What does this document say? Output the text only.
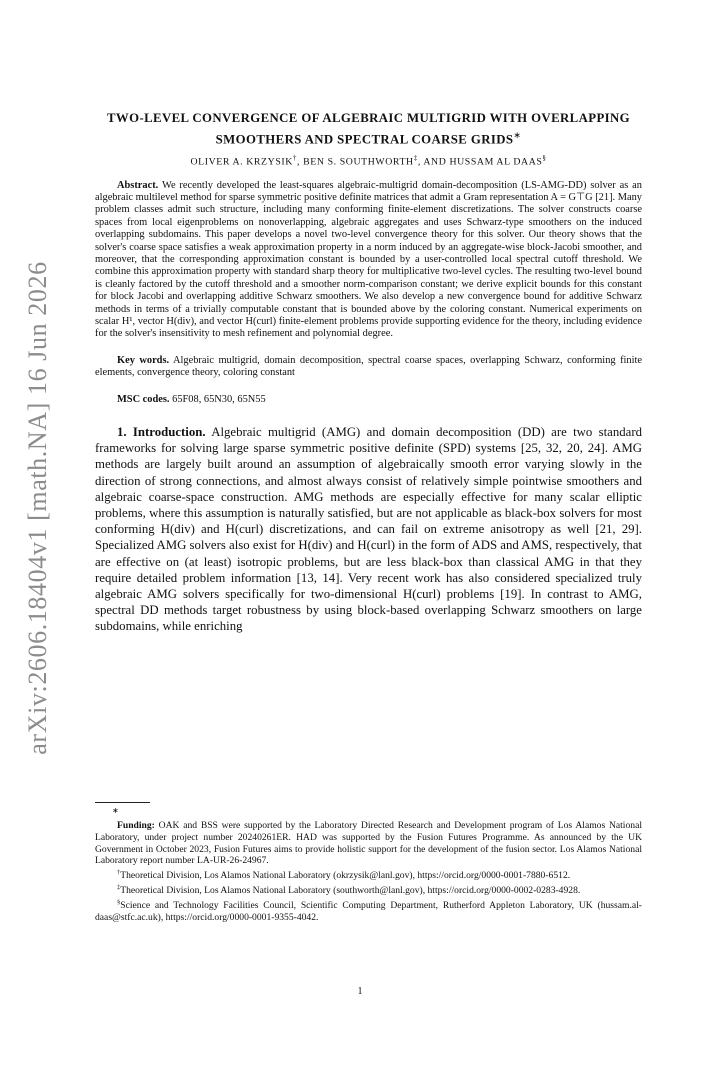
arXiv:2606.18404v1 [math.NA] 16 Jun 2026
TWO-LEVEL CONVERGENCE OF ALGEBRAIC MULTIGRID WITH OVERLAPPING SMOOTHERS AND SPECTRAL COARSE GRIDS∗

OLIVER A. KRZYSIK†, BEN S. SOUTHWORTH‡, AND HUSSAM AL DAAS§

Abstract. We recently developed the least-squares algebraic-multigrid domain-decomposition (LS-AMG-DD) solver as an algebraic multilevel method for sparse symmetric positive definite matrices that admit a Gram representation A = G⊤G [21]. Many problem classes admit such structure, including many conforming finite-element discretizations. The solver constructs coarse spaces from local eigenproblems on nonoverlapping, algebraic aggregates and uses Schwarz-type smoothers on the induced overlapping subdomains. This paper develops a novel two-level convergence theory for this solver. Our theory shows that the solver's coarse space satisfies a weak approximation property in a norm induced by an aggregate-wise block-Jacobi smoother, and moreover, that the corresponding approximation constant is bounded by a user-controlled local spectral cutoff threshold. We combine this approximation property with standard sharp theory for multiplicative two-level cycles. The resulting two-level bound is cleanly factored by the cutoff threshold and a smoother norm-comparison constant; we derive explicit bounds for this constant for block Jacobi and overlapping additive Schwarz smoothers. We also develop a new convergence bound for additive Schwarz methods in terms of a trivially computable constant that is bounded above by the coloring constant. Numerical experiments on scalar H¹, vector H(div), and vector H(curl) finite-element problems provide supporting evidence for the theory, including evidence for the solver's insensitivity to mesh refinement and polynomial degree.

Key words. Algebraic multigrid, domain decomposition, spectral coarse spaces, overlapping Schwarz, conforming finite elements, convergence theory, coloring constant

MSC codes. 65F08, 65N30, 65N55

1. Introduction. Algebraic multigrid (AMG) and domain decomposition (DD) are two standard frameworks for solving large sparse symmetric positive definite (SPD) systems [25, 32, 20, 24]. AMG methods are largely built around an assumption of algebraically smooth error varying slowly in the direction of strong connections, and almost always consist of relatively simple pointwise smoothers and algebraic coarse-space construction. AMG methods are especially effective for many scalar elliptic problems, where this assumption is naturally satisfied, but are not applicable as black-box solvers for most conforming H(div) and H(curl) discretizations, and can fail on extreme anisotropy as well [21, 29]. Specialized AMG solvers also exist for H(div) and H(curl) in the form of ADS and AMS, respectively, that are effective on (at least) isotropic problems, but are less black-box than classical AMG in that they require detailed problem information [13, 14]. Very recent work has also considered specialized truly algebraic AMG solvers specifically for two-dimensional H(curl) problems [19]. In contrast to AMG, spectral DD methods target robustness by using block-based overlapping Schwarz smoothers on large subdomains, while enriching

∗

Funding: OAK and BSS were supported by the Laboratory Directed Research and Development program of Los Alamos National Laboratory, under project number 20240261ER. HAD was supported by the Fusion Futures Programme. As announced by the UK Government in October 2023, Fusion Futures aims to provide holistic support for the development of the fusion sector. Los Alamos National Laboratory report number LA-UR-26-24967.

†Theoretical Division, Los Alamos National Laboratory (okrzysik@lanl.gov), https://orcid.org/0000-0001-7880-6512.

‡Theoretical Division, Los Alamos National Laboratory (southworth@lanl.gov), https://orcid.org/0000-0002-0283-4928.

§Science and Technology Facilities Council, Scientific Computing Department, Rutherford Appleton Laboratory, UK (hussam.al-daas@stfc.ac.uk), https://orcid.org/0000-0001-9355-4042.

1
